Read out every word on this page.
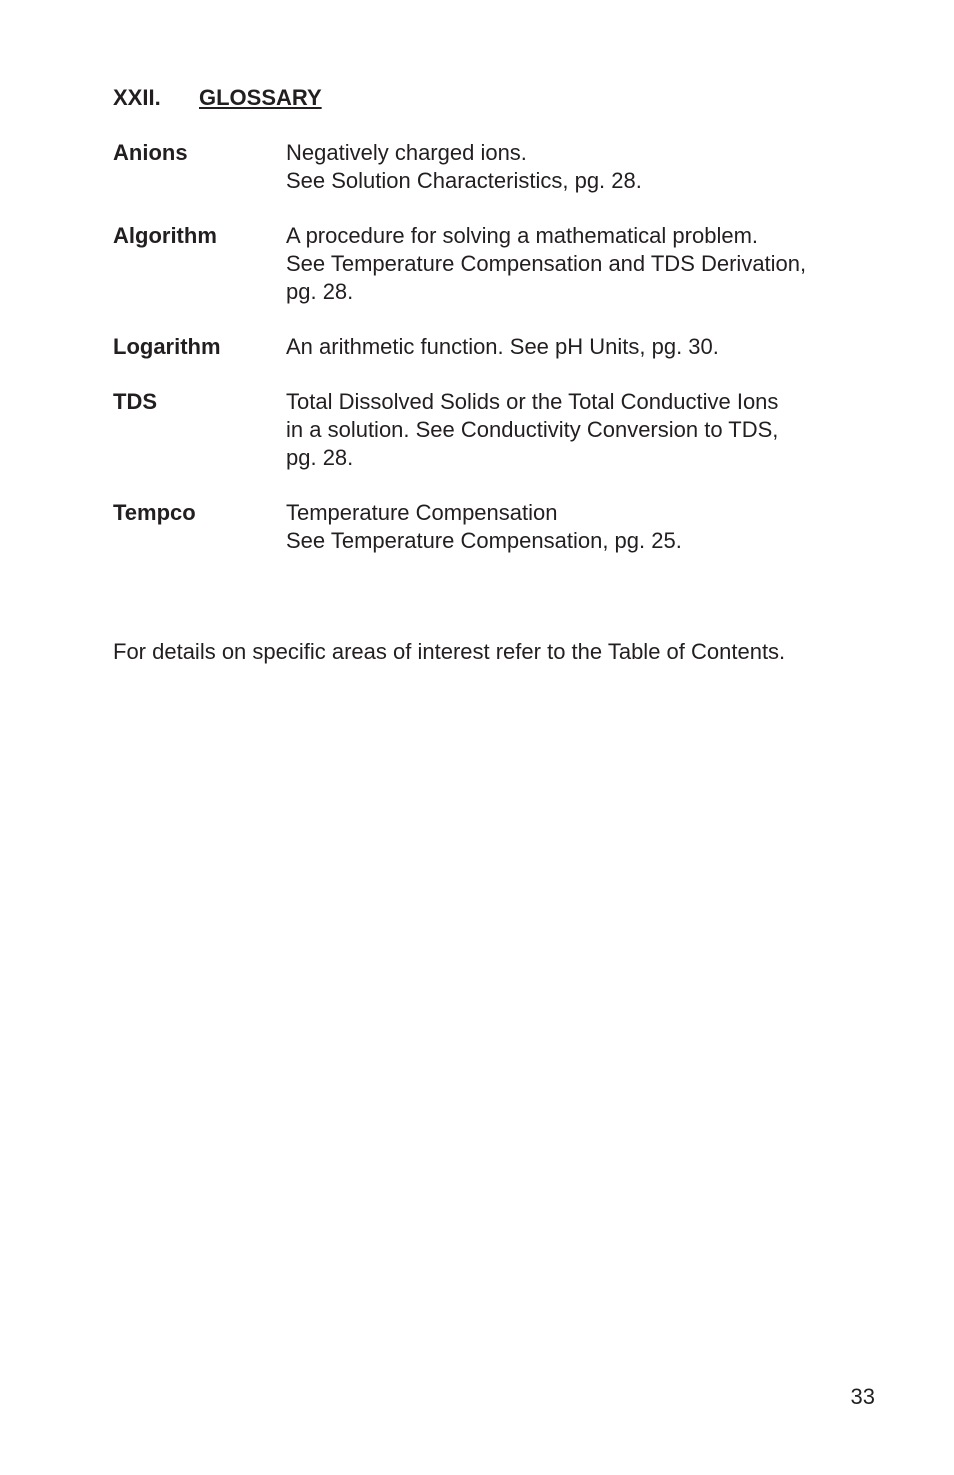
XXII. GLOSSARY
Anions	Negatively charged ions.
See Solution Characteristics, pg. 28.
Algorithm	A procedure for solving a mathematical problem.
See Temperature Compensation and TDS Derivation,
pg. 28.
Logarithm	An arithmetic function. See pH Units, pg. 30.
TDS	Total Dissolved Solids or the Total Conductive Ions
in a solution. See Conductivity Conversion to TDS,
pg. 28.
Tempco	Temperature Compensation
See Temperature Compensation, pg. 25.
For details on specific areas of interest refer to the Table of Contents.
33
